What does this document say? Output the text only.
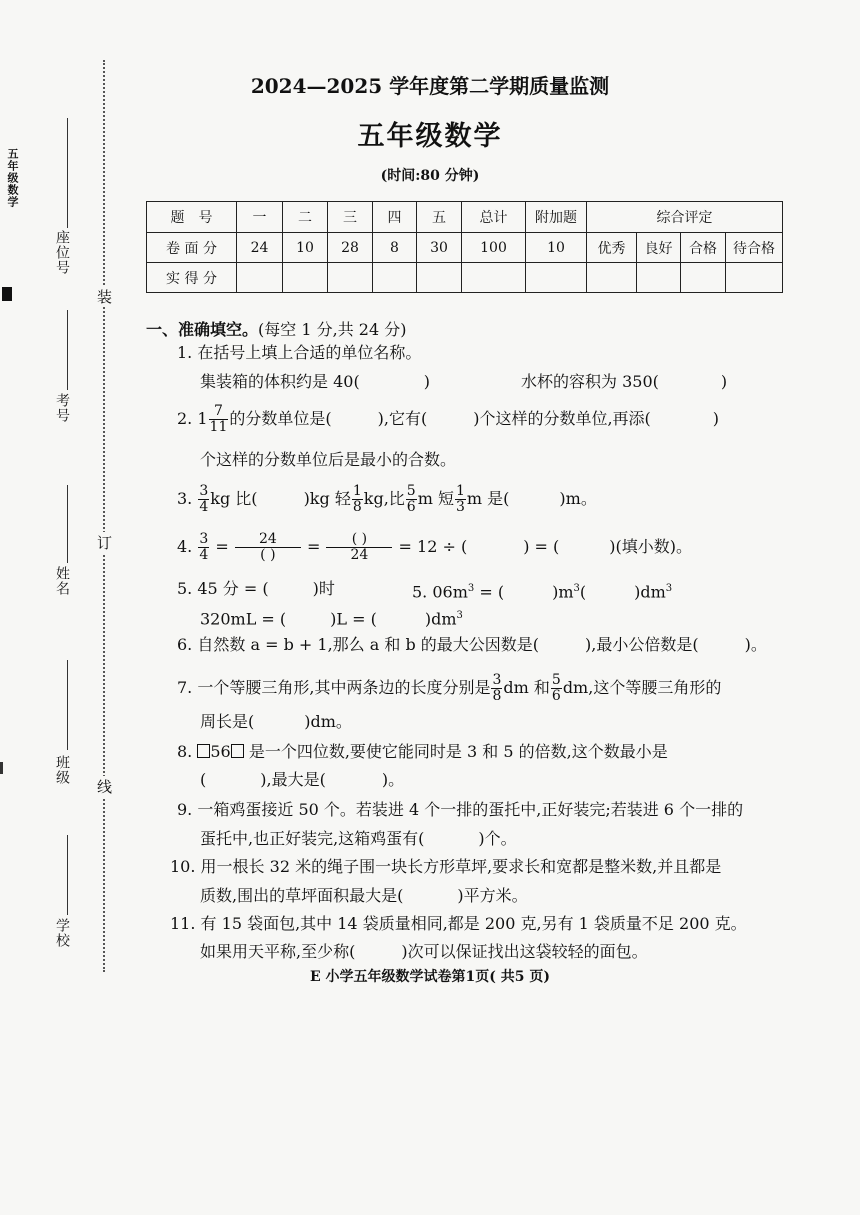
五年级数学
座位号
考号
姓名
班级
学校
装
订
线
2024—2025 学年度第二学期质量监测
五年级数学
(时间:80 分钟)
题　号	一	二	三	四	五	总计	附加题	综合评定			
卷 面 分	24	10	28	8	30	100	10	优秀	良好	合格	待合格
实 得 分											
一、准确填空。(每空 1 分,共 24 分)
1. 在括号上填上合适的单位名称。
集装箱的体积约是 40(	)	水杯的容积为 350(	)
2. $1 \frac{7}{11}$ 的分数单位是(	),它有(	)个这样的分数单位,再添(	)
个这样的分数单位后是最小的合数。
3. $\frac{3}{4}$ kg 比(	)kg 轻 $\frac{1}{8}$ kg,比 $\frac{5}{6}$ m 短 $\frac{1}{3}$ m 是(	)m。
4. $\frac{3}{4} = \frac{24}{( )} = \frac{( )}{24} = 12$ ÷ (	) = (	)(填小数)。
5. 45 分 = (	)时	5. $06m^3$ = (	)$m^3$(	)$dm^3$
320mL = (	)L = (	)$dm^3$
6. 自然数 a = b + 1,那么 a 和 b 的最大公因数是(	),最小公倍数是(	)。
7. 一个等腰三角形,其中两条边的长度分别是 $\frac{3}{8}$ dm 和 $\frac{5}{6}$ dm,这个等腰三角形的
周长是(	)dm。
8. 56 是一个四位数,要使它能同时是 3 和 5 的倍数,这个数最小是
(	),最大是(	)。
9. 一箱鸡蛋接近 50 个。若装进 4 个一排的蛋托中,正好装完;若装进 6 个一排的
蛋托中,也正好装完,这箱鸡蛋有(	)个。
10. 用一根长 32 米的绳子围一块长方形草坪,要求长和宽都是整米数,并且都是
质数,围出的草坪面积最大是(	)平方米。
11. 有 15 袋面包,其中 14 袋质量相同,都是 200 克,另有 1 袋质量不足 200 克。
如果用天平称,至少称(	)次可以保证找出这袋较轻的面包。
E 小学五年级数学试卷第1页( 共5 页)
